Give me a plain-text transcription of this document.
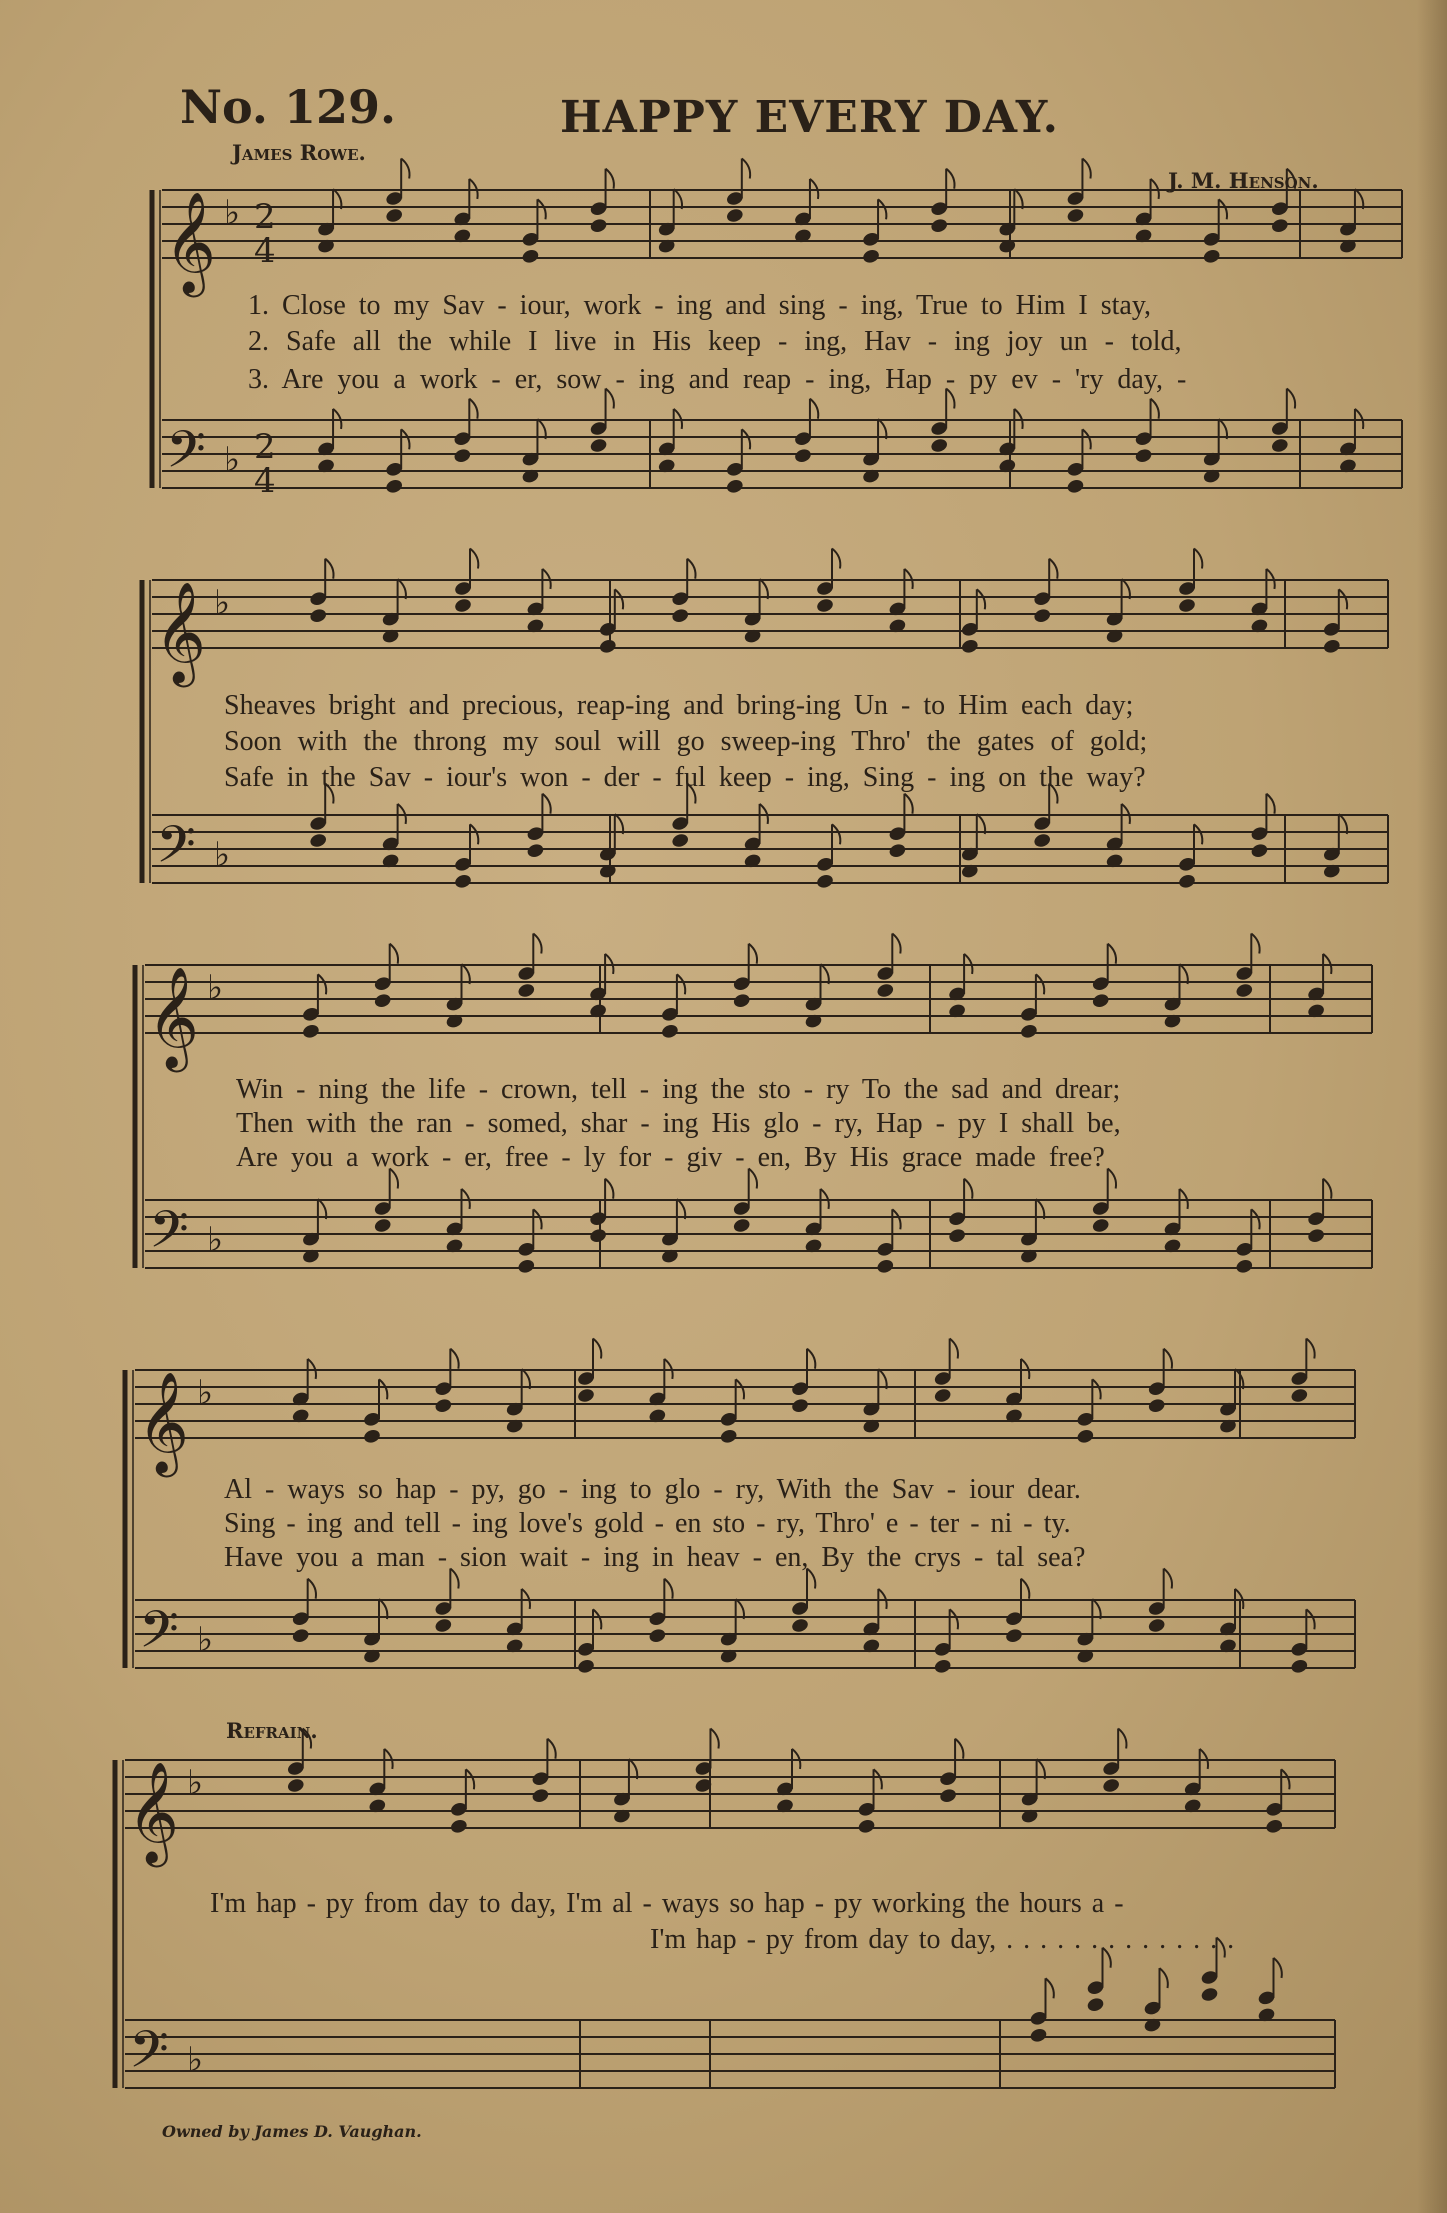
No. 129.	HAPPY EVERY DAY.
James Rowe.
J. M. Henson.
𝄞
𝄢
♭
♭
2
4
2
4
𝄞
𝄢
♭
♭
𝄞
𝄢
♭
♭
𝄞
𝄢
♭
♭
𝄞
𝄢
♭
♭
1. Close to my Sav - iour, work - ing and sing - ing, True to Him I stay,
2. Safe all the while I live in His keep - ing, Hav - ing joy un - told,
3. Are you a work - er, sow - ing and reap - ing, Hap - py ev - 'ry day, -
Sheaves bright and precious, reap-ing and bring-ing Un - to Him each day;
Soon with the throng my soul will go sweep-ing Thro' the gates of gold;
Safe in the Sav - iour's won - der - ful keep - ing, Sing - ing on the way?
Win - ning the life - crown, tell - ing the sto - ry To the sad and drear;
Then with the ran - somed, shar - ing His glo - ry, Hap - py I shall be,
Are you a work - er, free - ly for - giv - en, By His grace made free?
Al - ways so hap - py, go - ing to glo - ry, With the Sav - iour dear.
Sing - ing and tell - ing love's gold - en sto - ry, Thro' e - ter - ni - ty.
Have you a man - sion wait - ing in heav - en, By the crys - tal sea?
Refrain.
I'm hap - py from day to day, I'm al - ways so hap - py working the hours a -
I'm hap - py from day to day, . . . . . . . . . . . . . .
Owned by James D. Vaughan.
